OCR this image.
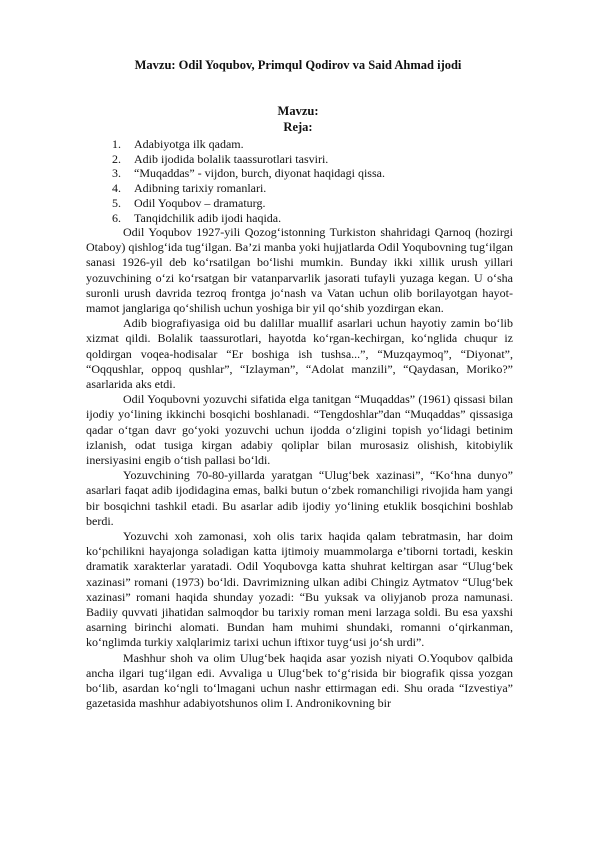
Mavzu: Odil Yoqubov, Primqul Qodirov va Said Ahmad ijodi
Mavzu:
Reja:
1. Adabiyotga ilk qadam.
2. Adib ijodida bolalik taassurotlari tasviri.
3. “Muqaddas” - vijdon, burch, diyonat haqidagi qissa.
4. Adibning tarixiy romanlari.
5. Odil Yoqubov – dramaturg.
6. Tanqidchilik adib ijodi haqida.

Odil Yoqubov 1927-yili Qozog‘istonning Turkiston shahridagi Qarnoq (hozirgi Otaboy) qishlog‘ida tug‘ilgan. Ba’zi manba yoki hujjatlarda Odil Yoqubovning tug‘ilgan sanasi 1926-yil deb ko‘rsatilgan bo‘lishi mumkin. Bunday ikki xillik urush yillari yozuvchining o‘zi ko‘rsatgan bir vatanparvarlik jasorati tufayli yuzaga kegan. U o‘sha suronli urush davrida tezroq frontga jo‘nash va Vatan uchun olib borilayotgan hayot-mamot janglariga qo‘shilish uchun yoshiga bir yil qo‘shib yozdirgan ekan.

Adib biografiyasiga oid bu dalillar muallif asarlari uchun hayotiy zamin bo‘lib xizmat qildi. Bolalik taassurotlari, hayotda ko‘rgan-kechirgan, ko‘nglida chuqur iz qoldirgan voqea-hodisalar “Er boshiga ish tushsa...”, “Muzqaymoq”, “Diyonat”, “Oqqushlar, oppoq qushlar”, “Izlayman”, “Adolat manzili”, “Qaydasan, Moriko?” asarlarida aks etdi.

Odil Yoqubovni yozuvchi sifatida elga tanitgan “Muqaddas” (1961) qissasi bilan ijodiy yo‘lining ikkinchi bosqichi boshlanadi. “Tengdoshlar”dan “Muqaddas” qissasiga qadar o‘tgan davr go‘yoki yozuvchi uchun ijodda o‘zligini topish yo‘lidagi betinim izlanish, odat tusiga kirgan adabiy qoliplar bilan murosasiz olishish, kitobiylik inersiyasini engib o‘tish pallasi bo‘ldi.

Yozuvchining 70-80-yillarda yaratgan “Ulug‘bek xazinasi”, “Ko‘hna dunyo” asarlari faqat adib ijodidagina emas, balki butun o‘zbek romanchiligi rivojida ham yangi bir bosqichni tashkil etadi. Bu asarlar adib ijodiy yo‘lining etuklik bosqichini boshlab berdi.

Yozuvchi xoh zamonasi, xoh olis tarix haqida qalam tebratmasin, har doim ko‘pchilikni hayajonga soladigan katta ijtimoiy muammolarga e’tiborni tortadi, keskin dramatik xarakterlar yaratadi. Odil Yoqubovga katta shuhrat keltirgan asar “Ulug‘bek xazinasi” romani (1973) bo‘ldi. Davrimizning ulkan adibi Chingiz Aytmatov “Ulug‘bek xazinasi” romani haqida shunday yozadi: “Bu yuksak va oliyjanob proza namunasi. Badiiy quvvati jihatidan salmoqdor bu tarixiy roman meni larzaga soldi. Bu esa yaxshi asarning birinchi alomati. Bundan ham muhimi shundaki, romanni o‘qirkanman, ko‘nglimda turkiy xalqlarimiz tarixi uchun iftixor tuyg‘usi jo‘sh urdi”.

Mashhur shoh va olim Ulug‘bek haqida asar yozish niyati O.Yoqubov qalbida ancha ilgari tug‘ilgan edi. Avvaliga u Ulug‘bek to‘g‘risida bir biografik qissa yozgan bo‘lib, asardan ko‘ngli to‘lmagani uchun nashr ettirmagan edi. Shu orada “Izvestiya” gazetasida mashhur adabiyotshunos olim I. Andronikovning bir
